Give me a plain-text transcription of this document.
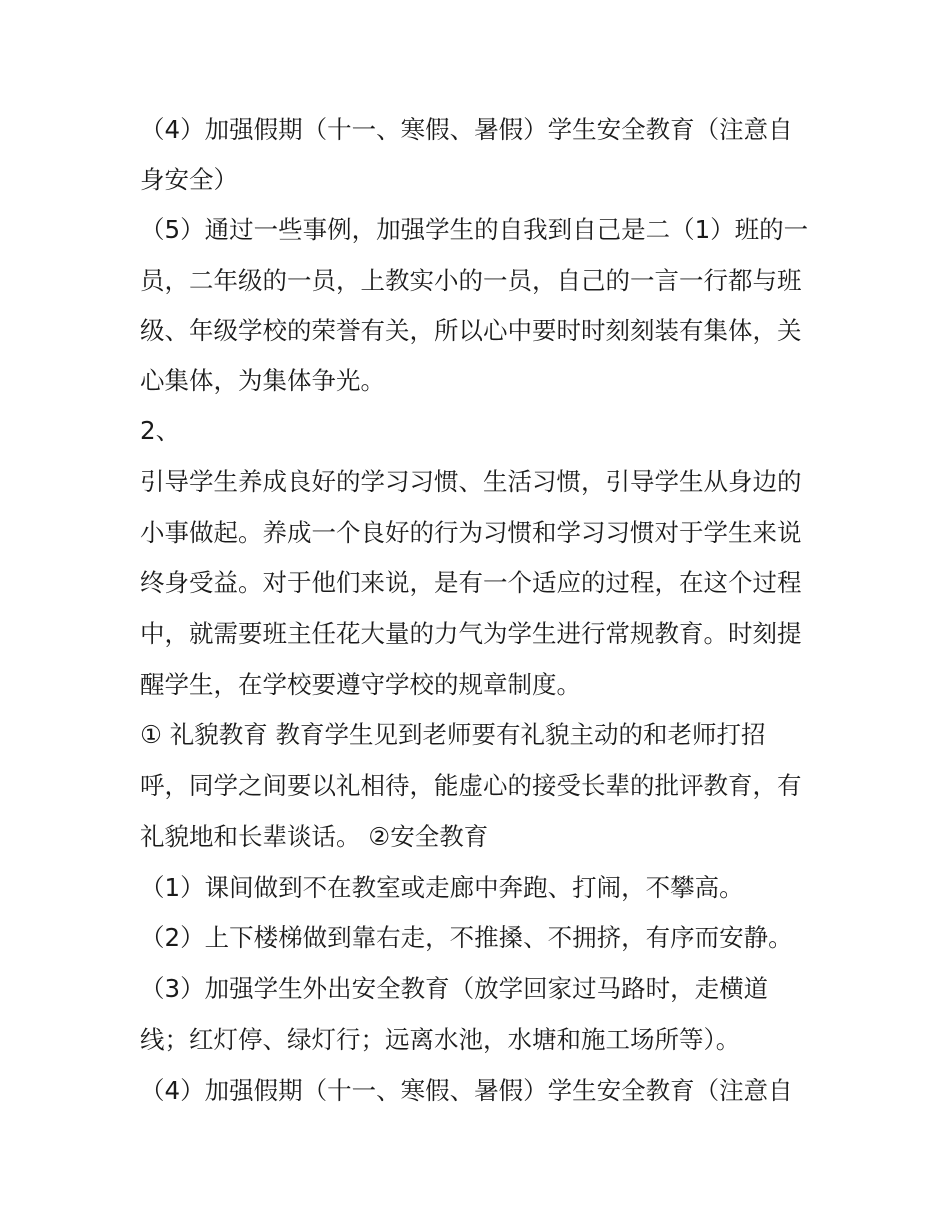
（4）加强假期（十一、寒假、暑假）学生安全教育（注意自
身安全）
（5）通过一些事例，加强学生的自我到自己是二（1）班的一
员，二年级的一员，上教实小的一员，自己的一言一行都与班
级、年级学校的荣誉有关，所以心中要时时刻刻装有集体，关
心集体，为集体争光。
2、
引导学生养成良好的学习习惯、生活习惯，引导学生从身边的
小事做起。养成一个良好的行为习惯和学习习惯对于学生来说
终身受益。对于他们来说，是有一个适应的过程，在这个过程
中，就需要班主任花大量的力气为学生进行常规教育。时刻提
醒学生，在学校要遵守学校的规章制度。
① 礼貌教育 教育学生见到老师要有礼貌主动的和老师打招
呼，同学之间要以礼相待，能虚心的接受长辈的批评教育，有
礼貌地和长辈谈话。 ②安全教育
（1）课间做到不在教室或走廊中奔跑、打闹，不攀高。
（2）上下楼梯做到靠右走，不推搡、不拥挤，有序而安静。
（3）加强学生外出安全教育（放学回家过马路时，走横道
线；红灯停、绿灯行；远离水池，水塘和施工场所等）。
（4）加强假期（十一、寒假、暑假）学生安全教育（注意自
